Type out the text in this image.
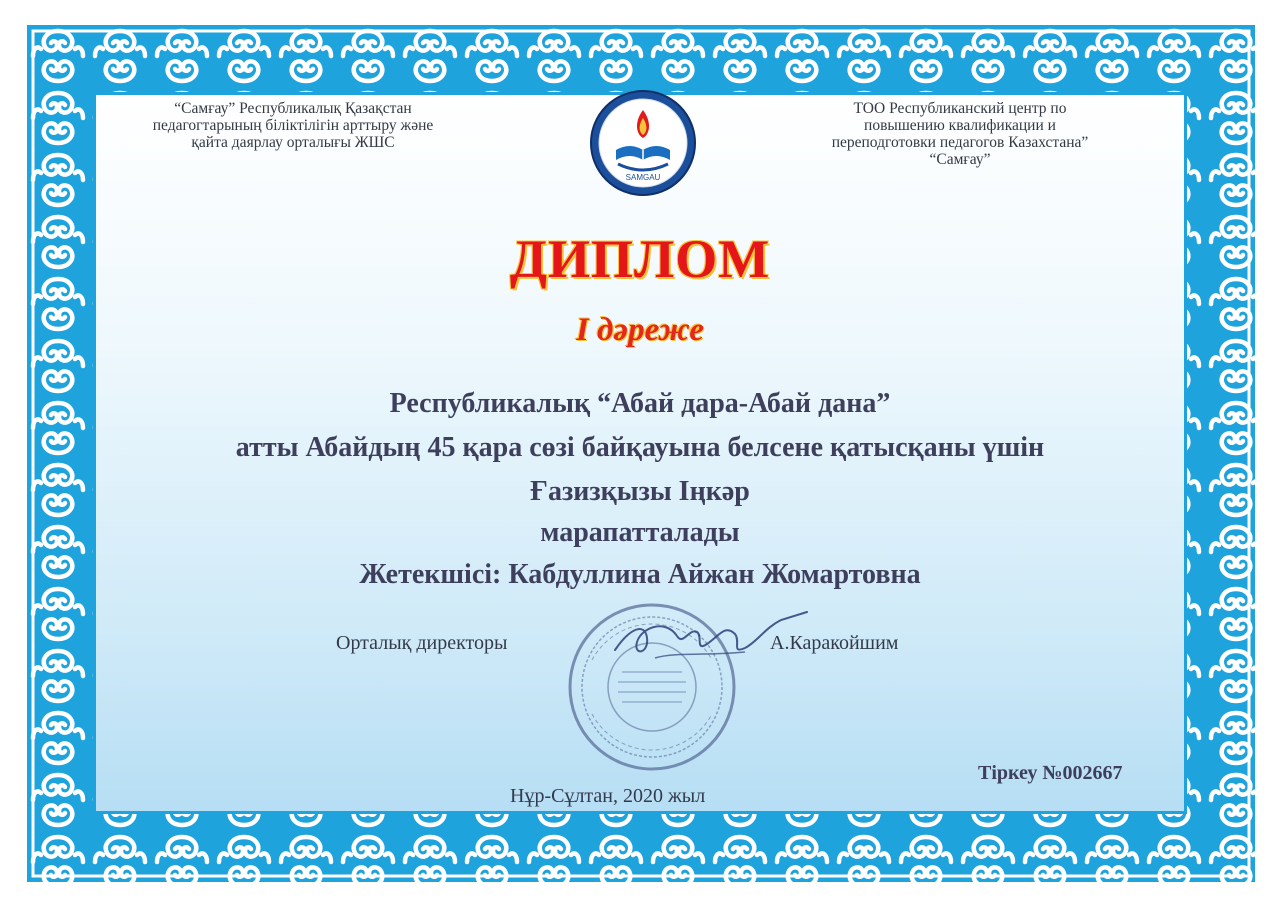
“Самғау” Республикалық Қазақстан
педагогтарының біліктілігін арттыру және
қайта даярлау орталығы ЖШС
ТОО Республиканский центр по
повышению квалификации и
переподготовки педагогов Казахстана”
“Самғау”
SAMGAU
ДИПЛОМ
І дәреже
Республикалық “Абай дара-Абай дана”
атты Абайдың 45 қара сөзі байқауына белсене қатысқаны үшін
Ғазизқызы Іңкәр
марапатталады
Жетекшісі: Кабдуллина Айжан Жомартовна
Орталық директоры	А.Каракойшим
Тіркеу №002667
Нұр-Сұлтан, 2020 жыл
